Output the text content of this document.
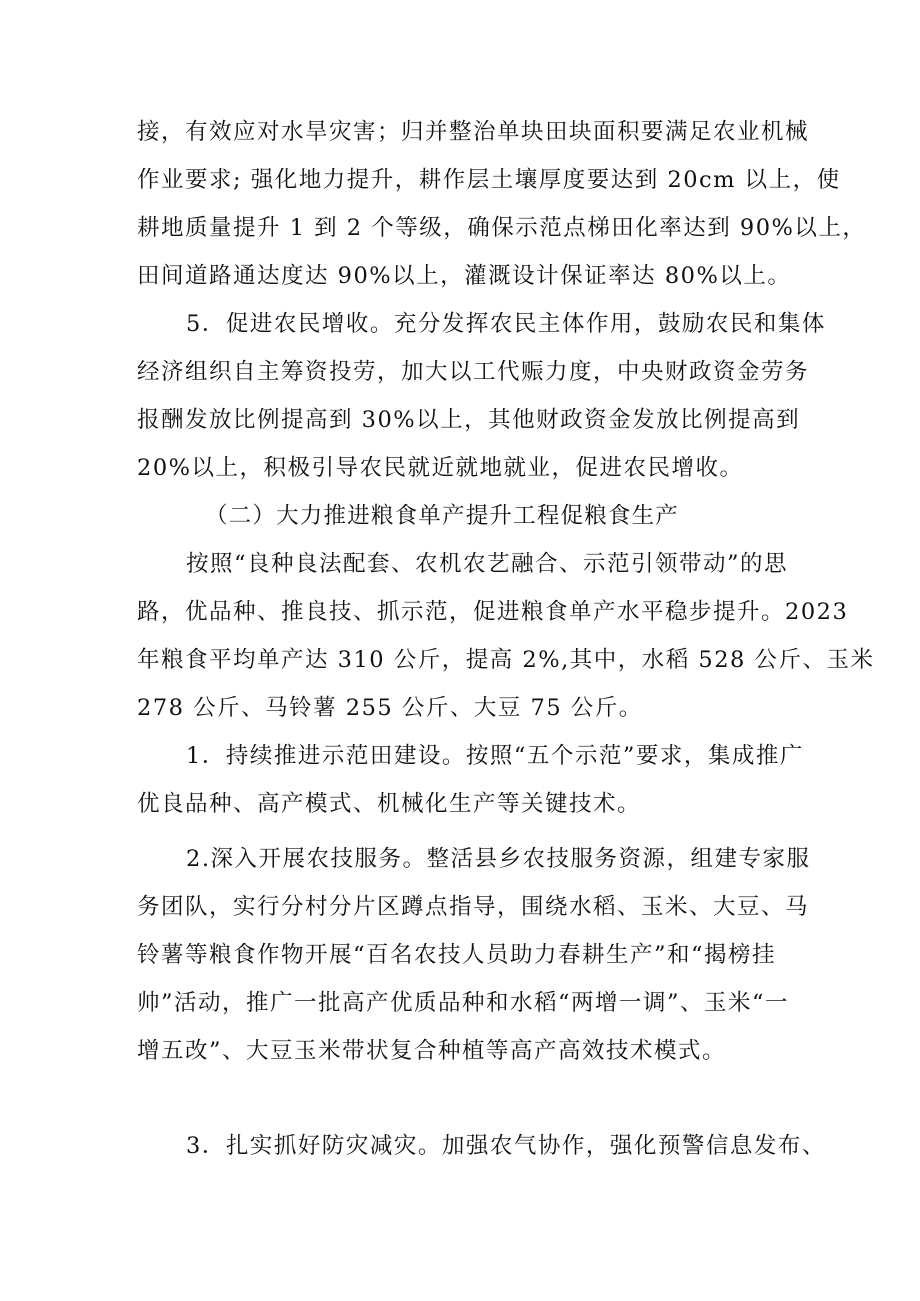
接，有效应对水旱灾害；归并整治单块田块面积要满足农业机械
作业要求; 强化地力提升，耕作层土壤厚度要达到 20cm 以上，使
耕地质量提升 1 到 2 个等级，确保示范点梯田化率达到 90%以上，
田间道路通达度达 90%以上，灌溉设计保证率达 80%以上。
5．促进农民增收。充分发挥农民主体作用，鼓励农民和集体
经济组织自主筹资投劳，加大以工代赈力度，中央财政资金劳务
报酬发放比例提高到 30%以上，其他财政资金发放比例提高到
20%以上，积极引导农民就近就地就业，促进农民增收。
（二）大力推进粮食单产提升工程促粮食生产
按照“良种良法配套、农机农艺融合、示范引领带动”的思
路，优品种、推良技、抓示范，促进粮食单产水平稳步提升。2023
年粮食平均单产达 310 公斤，提高 2%,其中，水稻 528 公斤、玉米
278 公斤、马铃薯 255 公斤、大豆 75 公斤。
1．持续推进示范田建设。按照“五个示范”要求，集成推广
优良品种、高产模式、机械化生产等关键技术。
2.深入开展农技服务。整活县乡农技服务资源，组建专家服
务团队，实行分村分片区蹲点指导，围绕水稻、玉米、大豆、马
铃薯等粮食作物开展“百名农技人员助力春耕生产”和“揭榜挂
帅”活动，推广一批高产优质品种和水稻“两增一调”、玉米“一
增五改”、大豆玉米带状复合种植等高产高效技术模式。
3．扎实抓好防灾减灾。加强农气协作，强化预警信息发布、
